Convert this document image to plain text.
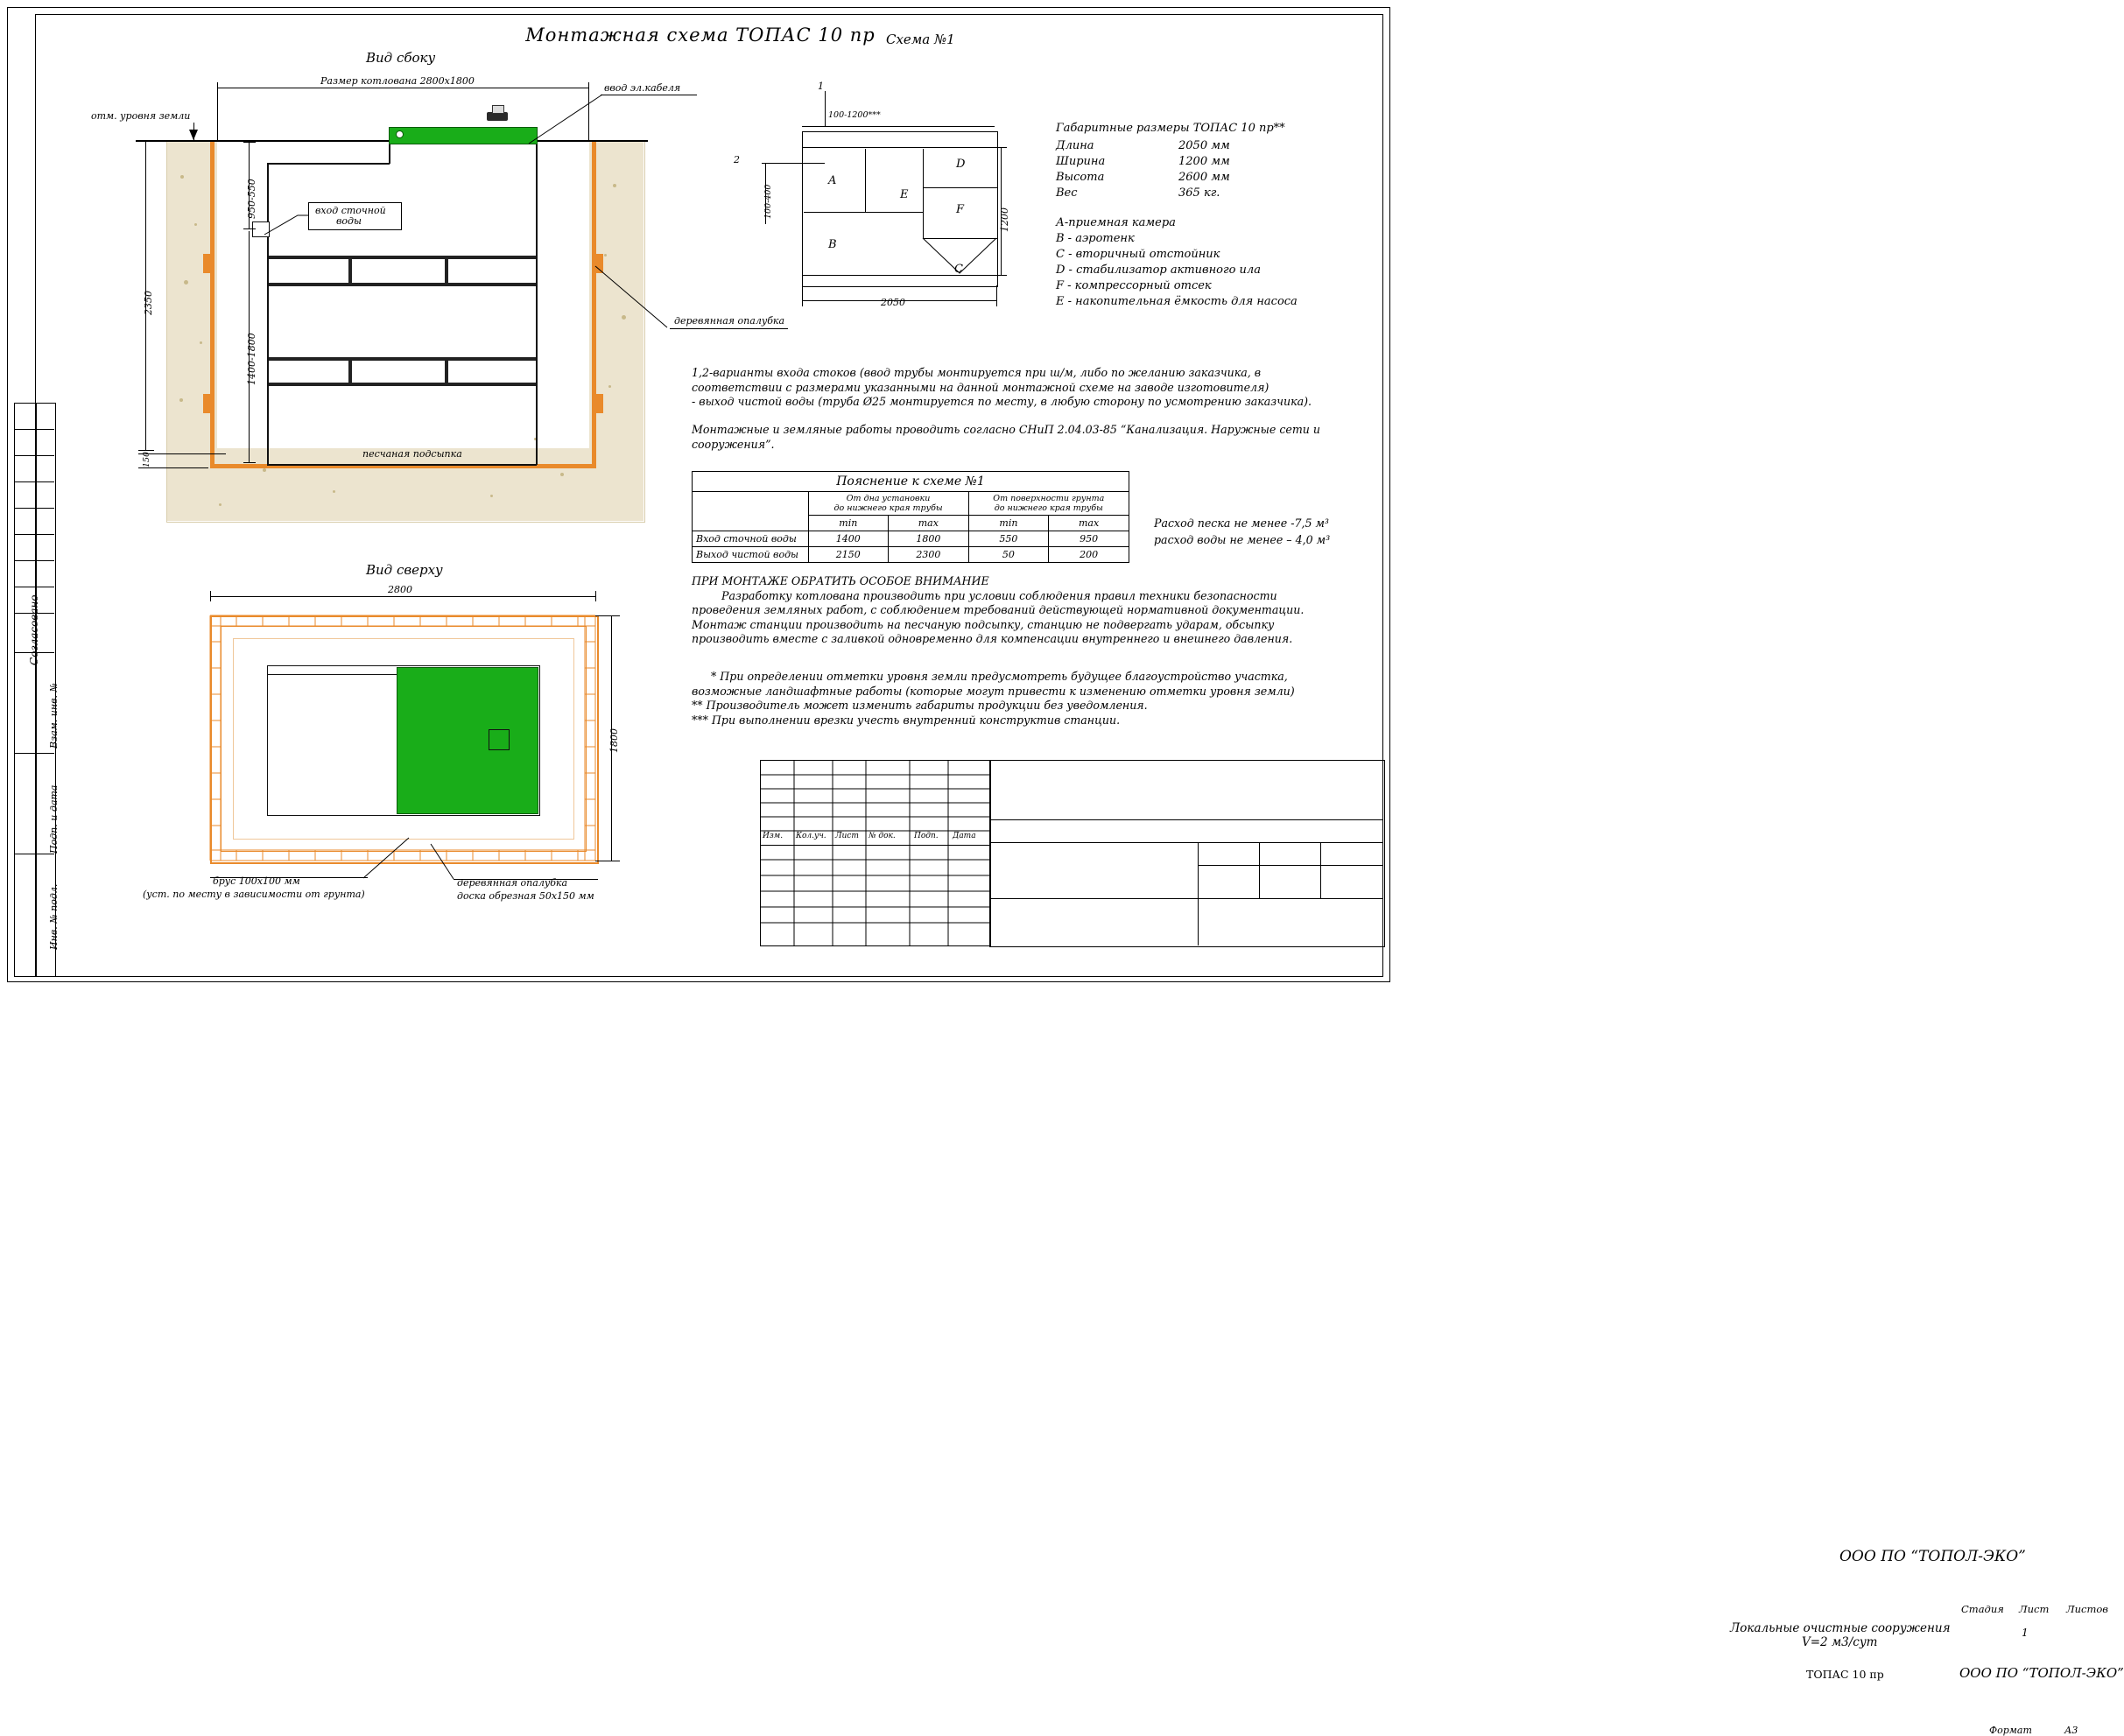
Монтажная схема ТОПАС 10 пр
Согласовано
Взам. инв. №
Подп. и дата
Инв. № подл.
Вид сбоку
отм. уровня земли
вход сточной
воды
ввод эл.кабеля
деревянная опалубка
песчаная подсыпка
Размер котлована 2800х1800
2350
950-550
1400-1800
150
Вид сверху
2800
1800
брус 100х100 мм
(уст. по месту в зависимости от грунта)
деревянная опалубка
доска обрезная 50х150 мм
Схема №1
A
B
E
D
F
C
1
100-1200***
2
100-400
2050
1200
Габаритные размеры ТОПАС 10 пр**
Длина	2050 мм
Ширина	1200 мм
Высота	2600 мм
Вес	365 кг.
А-приемная камера
В - аэротенк
С - вторичный отстойник
D - стабилизатор активного ила
F - компрессорный отсек
Е - накопительная ёмкость для насоса
1,2-варианты входа стоков (ввод трубы монтируется при ш/м, либо по желанию заказчика, в
соответствии с размерами указанными на данной монтажной схеме на заводе изготовителя)
- выход чистой воды (труба Ø25 монтируется по месту, в любую сторону по усмотрению заказчика).
Монтажные и земляные работы проводить согласно СНиП 2.04.03-85 “Канализация. Наружные сети и
сооружения”.
Расход песка не менее -7,5 м³
расход воды не менее – 4,0 м³
ПРИ МОНТАЖЕ ОБРАТИТЬ ОСОБОЕ ВНИМАНИЕ
Разработку котлована производить при условии соблюдения правил техники безопасности
проведения земляных работ, с соблюдением требований действующей нормативной документации.
Монтаж станции производить на песчаную подсыпку, станцию не подвергать ударам, обсыпку
производить вместе с заливкой одновременно для компенсации внутреннего и внешнего давления.
* При определении отметки уровня земли предусмотреть будущее благоустройство участка,
возможные ландшафтные работы (которые могут привести к изменению отметки уровня земли)
** Производитель может изменить габариты продукции без уведомления.
*** При выполнении врезки учесть внутренний конструктив станции.
Пояснение к схеме №1				
	От дна установки
до нижнего края трубы		От поверхности грунта
до нижнего края трубы	
	min	max	min	max
Вход сточной воды	1400	1800	550	950
Выход чистой воды	2150	2300	50	200
Изм. Кол.уч. Лист № док. Подп. Дата
ООО ПО “ТОПОЛ-ЭКО”
Локальные очистные сооружения
V=2 м3/сут
ТОПАС 10 пр	ООО ПО “ТОПОЛ-ЭКО”
Стадия Лист Листов
1
Формат	А3
